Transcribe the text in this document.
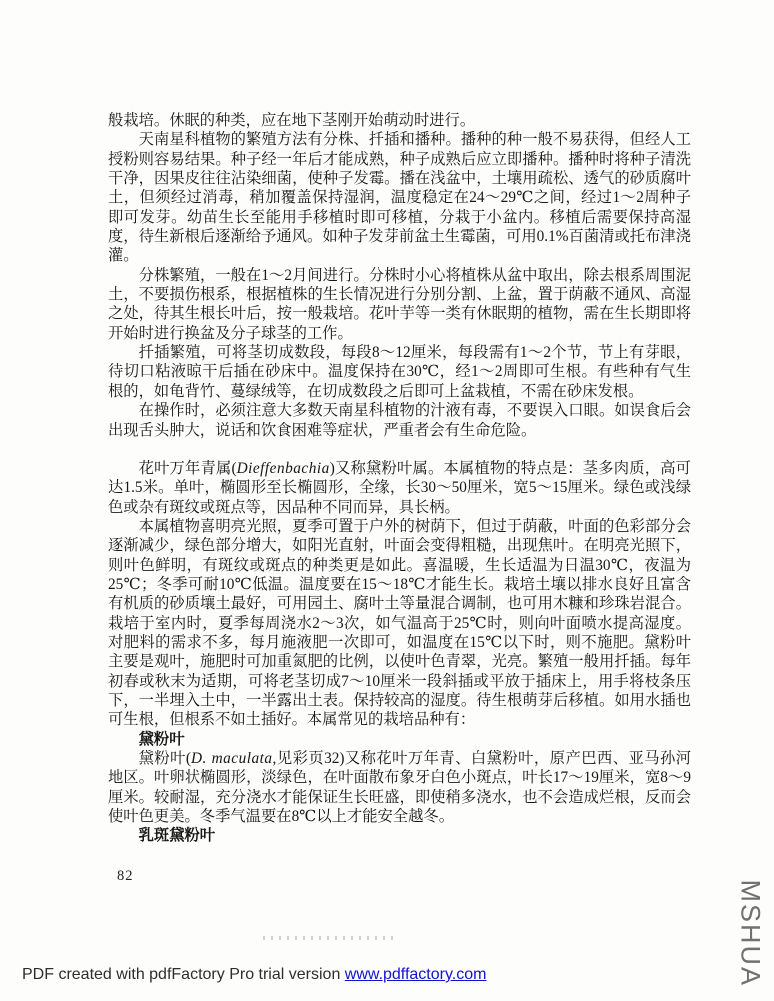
般栽培。休眠的种类，应在地下茎刚开始萌动时进行。

天南星科植物的繁殖方法有分株、扦插和播种。播种的种一般不易获得，但经人工授粉则容易结果。种子经一年后才能成熟，种子成熟后应立即播种。播种时将种子清洗干净，因果皮往往沾染细菌，使种子发霉。播在浅盆中，土壤用疏松、透气的砂质腐叶土，但须经过消毒，稍加覆盖保持湿润，温度稳定在24～29℃之间，经过1～2周种子即可发芽。幼苗生长至能用手移植时即可移植，分栽于小盆内。移植后需要保持高湿度，待生新根后逐渐给予通风。如种子发芽前盆土生霉菌，可用0.1%百菌清或托布津浇灌。

分株繁殖，一般在1～2月间进行。分株时小心将植株从盆中取出，除去根系周围泥土，不要损伤根系，根据植株的生长情况进行分别分割、上盆，置于荫蔽不通风、高湿之处，待其生根长叶后，按一般栽培。花叶芋等一类有休眠期的植物，需在生长期即将开始时进行换盆及分子球茎的工作。

扦插繁殖，可将茎切成数段，每段8～12厘米，每段需有1～2个节，节上有芽眼，待切口粘液晾干后插在砂床中。温度保持在30℃，经1～2周即可生根。有些种有气生根的，如龟背竹、蔓绿绒等，在切成数段之后即可上盆栽植，不需在砂床发根。

在操作时，必须注意大多数天南星科植物的汁液有毒，不要误入口眼。如误食后会出现舌头肿大，说话和饮食困难等症状，严重者会有生命危险。

花叶万年青属(Dieffenbachia)又称黛粉叶属。本属植物的特点是：茎多肉质，高可达1.5米。单叶，椭圆形至长椭圆形，全缘，长30～50厘米，宽5～15厘米。绿色或浅绿色或杂有斑纹或斑点等，因品种不同而异，具长柄。

本属植物喜明亮光照，夏季可置于户外的树荫下，但过于荫蔽，叶面的色彩部分会逐渐减少，绿色部分增大，如阳光直射，叶面会变得粗糙，出现焦叶。在明亮光照下，则叶色鲜明，有斑纹或斑点的种类更是如此。喜温暖，生长适温为日温30℃，夜温为25℃；冬季可耐10℃低温。温度要在15～18℃才能生长。栽培土壤以排水良好且富含有机质的砂质壤土最好，可用园土、腐叶土等量混合调制，也可用木糠和珍珠岩混合。栽培于室内时，夏季每周浇水2～3次，如气温高于25℃时，则向叶面喷水提高湿度。对肥料的需求不多，每月施液肥一次即可，如温度在15℃以下时，则不施肥。黛粉叶主要是观叶，施肥时可加重氮肥的比例，以使叶色青翠，光亮。繁殖一般用扦插。每年初春或秋末为适期，可将老茎切成7～10厘米一段斜插或平放于插床上，用手将枝条压下，一半埋入土中，一半露出土表。保持较高的湿度。待生根萌芽后移植。如用水插也可生根，但根系不如土插好。本属常见的栽培品种有：

黛粉叶

黛粉叶(D. maculata,见彩页32)又称花叶万年青、白黛粉叶，原产巴西、亚马孙河地区。叶卵状椭圆形，淡绿色，在叶面散布象牙白色小斑点，叶长17～19厘米，宽8～9厘米。较耐湿，充分浇水才能保证生长旺盛，即使稍多浇水，也不会造成烂根，反而会使叶色更美。冬季气温要在8℃以上才能安全越冬。

乳斑黛粉叶

82
MSHUA
PDF created with pdfFactory Pro trial version www.pdffactory.com
